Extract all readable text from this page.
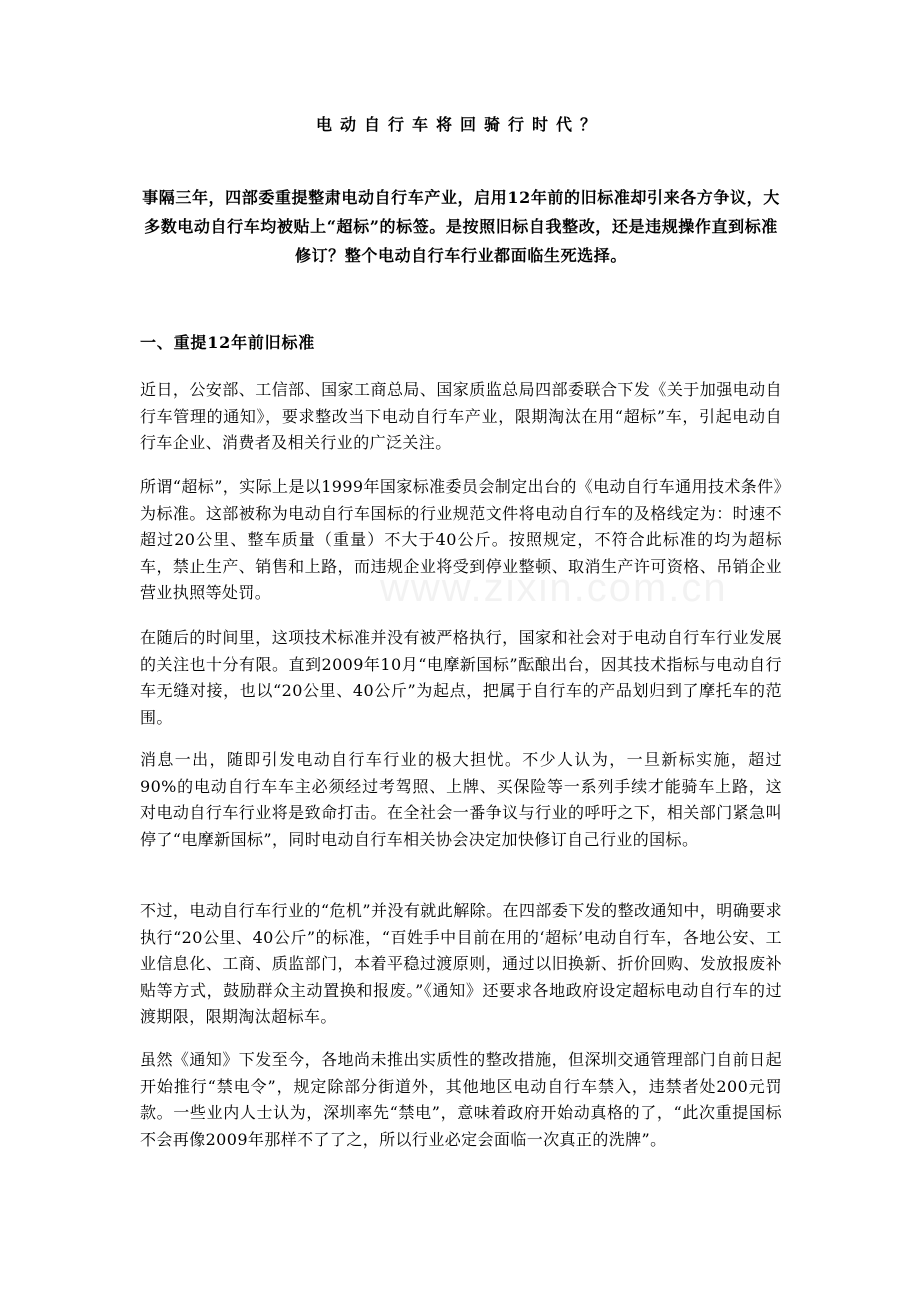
电动自行车将回骑行时代？

事隔三年，四部委重提整肃电动自行车产业，启用12年前的旧标准却引来各方争议，大多数电动自行车均被贴上“超标”的标签。是按照旧标自我整改，还是违规操作直到标准修订？整个电动自行车行业都面临生死选择。

一、重提12年前旧标准

近日，公安部、工信部、国家工商总局、国家质监总局四部委联合下发《关于加强电动自行车管理的通知》，要求整改当下电动自行车产业，限期淘汰在用“超标”车，引起电动自行车企业、消费者及相关行业的广泛关注。

所谓“超标”，实际上是以1999年国家标准委员会制定出台的《电动自行车通用技术条件》为标准。这部被称为电动自行车国标的行业规范文件将电动自行车的及格线定为：时速不超过20公里、整车质量（重量）不大于40公斤。按照规定，不符合此标准的均为超标车，禁止生产、销售和上路，而违规企业将受到停业整顿、取消生产许可资格、吊销企业营业执照等处罚。

在随后的时间里，这项技术标准并没有被严格执行，国家和社会对于电动自行车行业发展的关注也十分有限。直到2009年10月“电摩新国标”酝酿出台，因其技术指标与电动自行车无缝对接，也以“20公里、40公斤”为起点，把属于自行车的产品划归到了摩托车的范围。

消息一出，随即引发电动自行车行业的极大担忧。不少人认为，一旦新标实施，超过90%的电动自行车车主必须经过考驾照、上牌、买保险等一系列手续才能骑车上路，这对电动自行车行业将是致命打击。在全社会一番争议与行业的呼吁之下，相关部门紧急叫停了“电摩新国标”，同时电动自行车相关协会决定加快修订自己行业的国标。

不过，电动自行车行业的“危机”并没有就此解除。在四部委下发的整改通知中，明确要求执行“20公里、40公斤”的标准，“百姓手中目前在用的‘超标’电动自行车，各地公安、工业信息化、工商、质监部门，本着平稳过渡原则，通过以旧换新、折价回购、发放报废补贴等方式，鼓励群众主动置换和报废。”《通知》还要求各地政府设定超标电动自行车的过渡期限，限期淘汰超标车。

虽然《通知》下发至今，各地尚未推出实质性的整改措施，但深圳交通管理部门自前日起开始推行“禁电令”，规定除部分街道外，其他地区电动自行车禁入，违禁者处200元罚款。一些业内人士认为，深圳率先“禁电”，意味着政府开始动真格的了，“此次重提国标不会再像2009年那样不了了之，所以行业必定会面临一次真正的洗牌”。

www.zixin.com.cn
